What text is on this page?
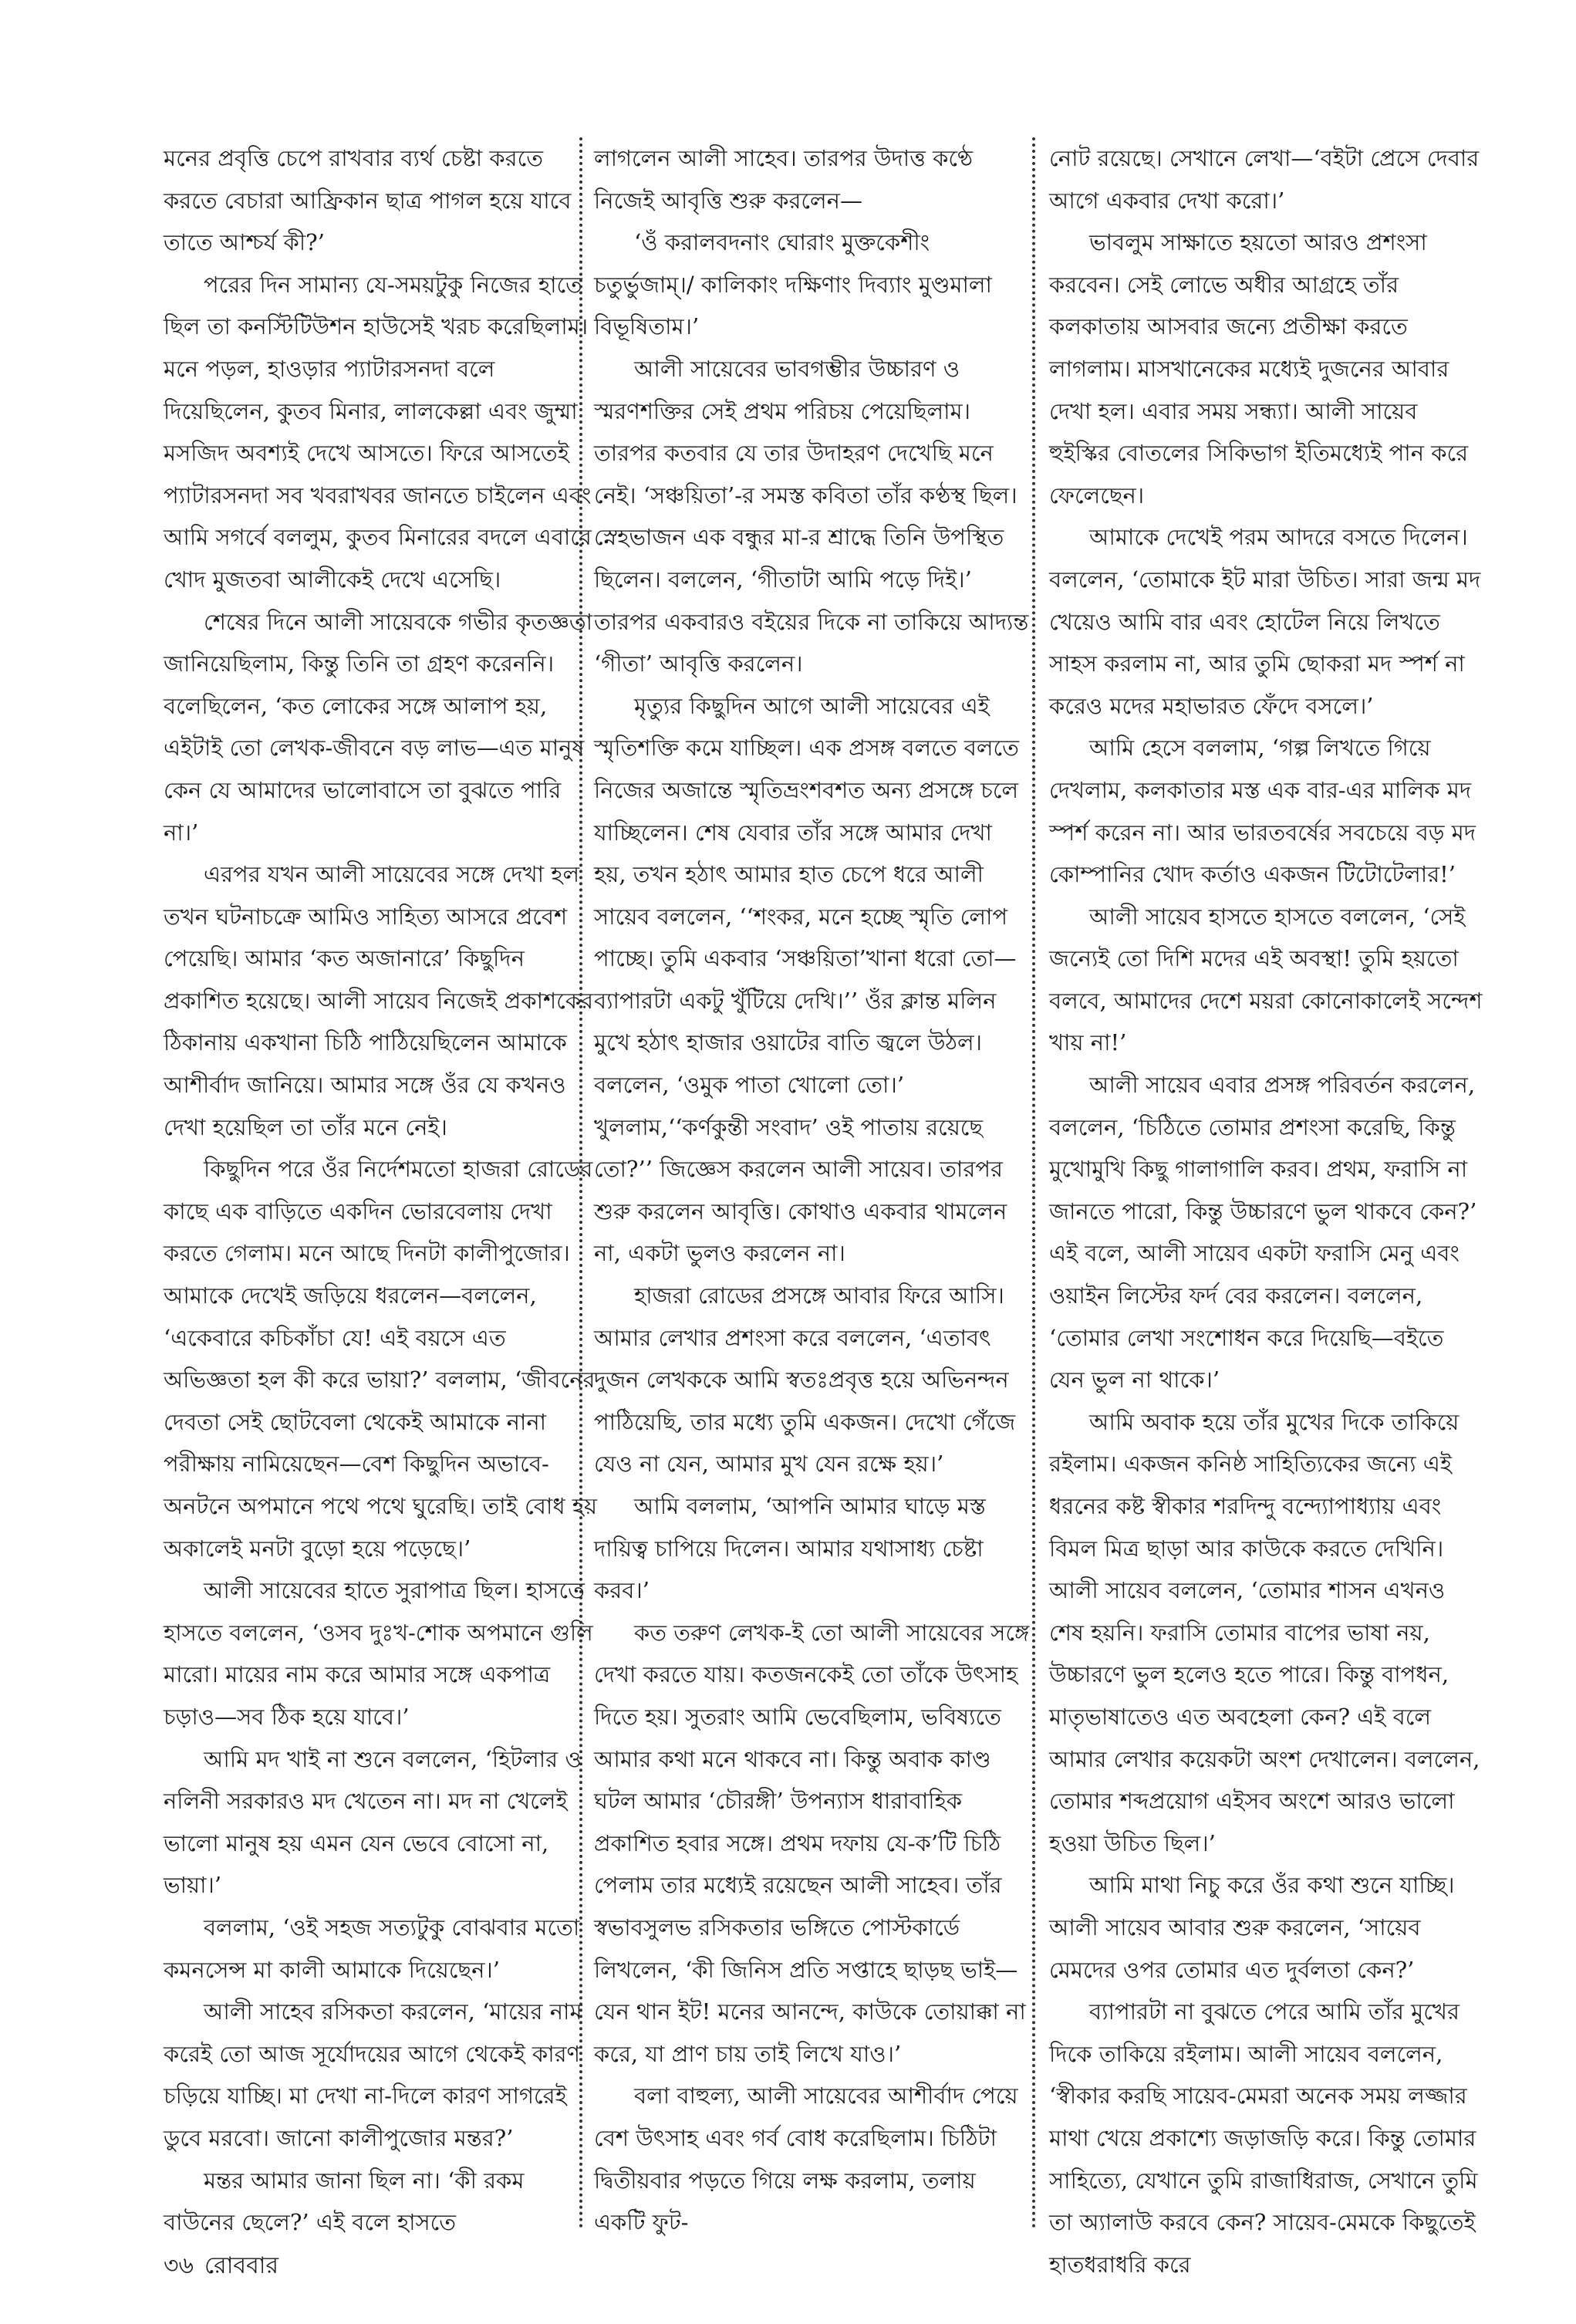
মনের প্রবৃত্তি চেপে রাখবার ব্যর্থ চেষ্টা করতে করতে বেচারা আফ্রিকান ছাত্র পাগল হয়ে যাবে তাতে আশ্চর্য কী?’

পরের দিন সামান্য যে-সময়টুকু নিজের হাতে ছিল তা কনস্টিটিউশন হাউসেই খরচ করেছিলাম। মনে পড়ল, হাওড়ার প্যাটারসনদা বলে দিয়েছিলেন, কুতব মিনার, লালকেল্লা এবং জুম্মা মসজিদ অবশ্যই দেখে আসতে। ফিরে আসতেই প্যাটারসনদা সব খবরাখবর জানতে চাইলেন এবং আমি সগর্বে বললুম, কুতব মিনারের বদলে এবারে খোদ মুজতবা আলীকেই দেখে এসেছি।

শেষের দিনে আলী সায়েবকে গভীর কৃতজ্ঞতা জানিয়েছিলাম, কিন্তু তিনি তা গ্রহণ করেননি। বলেছিলেন, ‘কত লোকের সঙ্গে আলাপ হয়, এইটাই তো লেখক-জীবনে বড় লাভ—এত মানুষ কেন যে আমাদের ভালোবাসে তা বুঝতে পারি না।’

এরপর যখন আলী সায়েবের সঙ্গে দেখা হল তখন ঘটনাচক্রে আমিও সাহিত্য আসরে প্রবেশ পেয়েছি। আমার ‘কত অজানারে’ কিছুদিন প্রকাশিত হয়েছে। আলী সায়েব নিজেই প্রকাশকের ঠিকানায় একখানা চিঠি পাঠিয়েছিলেন আমাকে আশীর্বাদ জানিয়ে। আমার সঙ্গে ওঁর যে কখনও দেখা হয়েছিল তা তাঁর মনে নেই।

কিছুদিন পরে ওঁর নির্দেশমতো হাজরা রোডের কাছে এক বাড়িতে একদিন ভোরবেলায় দেখা করতে গেলাম। মনে আছে দিনটা কালীপুজোর। আমাকে দেখেই জড়িয়ে ধরলেন—বললেন, ‘একেবারে কচিকাঁচা যে! এই বয়সে এত অভিজ্ঞতা হল কী করে ভায়া?’ বললাম, ‘জীবনের দেবতা সেই ছোটবেলা থেকেই আমাকে নানা পরীক্ষায় নামিয়েছেন—বেশ কিছুদিন অভাবে-অনটনে অপমানে পথে পথে ঘুরেছি। তাই বোধ হয় অকালেই মনটা বুড়ো হয়ে পড়েছে।’

আলী সায়েবের হাতে সুরাপাত্র ছিল। হাসতে হাসতে বললেন, ‘ওসব দুঃখ-শোক অপমানে গুলি মারো। মায়ের নাম করে আমার সঙ্গে একপাত্র চড়াও—সব ঠিক হয়ে যাবে।’

আমি মদ খাই না শুনে বললেন, ‘হিটলার ও নলিনী সরকারও মদ খেতেন না। মদ না খেলেই ভালো মানুষ হয় এমন যেন ভেবে বোসো না, ভায়া।’

বললাম, ‘ওই সহজ সত্যটুকু বোঝবার মতো কমনসেন্স মা কালী আমাকে দিয়েছেন।’

আলী সাহেব রসিকতা করলেন, ‘মায়ের নাম করেই তো আজ সূর্যোদয়ের আগে থেকেই কারণ চড়িয়ে যাচ্ছি। মা দেখা না-দিলে কারণ সাগরেই ডুবে মরবো। জানো কালীপুজোর মন্তর?’

মন্তর আমার জানা ছিল না। ‘কী রকম বাউনের ছেলে?’ এই বলে হাসতে

লাগলেন আলী সাহেব। তারপর উদাত্ত কণ্ঠে নিজেই আবৃত্তি শুরু করলেন—

‘ওঁ করালবদনাং ঘোরাং মুক্তকেশীং চতুর্ভুজাম্।/ কালিকাং দক্ষিণাং দিব্যাং মুণ্ডমালা বিভূষিতাম।’

আলী সায়েবের ভাবগম্ভীর উচ্চারণ ও স্মরণশক্তির সেই প্রথম পরিচয় পেয়েছিলাম। তারপর কতবার যে তার উদাহরণ দেখেছি মনে নেই। ‘সঞ্চয়িতা’-র সমস্ত কবিতা তাঁর কণ্ঠস্থ ছিল। স্নেহভাজন এক বন্ধুর মা-র শ্রাদ্ধে তিনি উপস্থিত ছিলেন। বললেন, ‘গীতাটা আমি পড়ে দিই।’ তারপর একবারও বইয়ের দিকে না তাকিয়ে আদ্যন্ত ‘গীতা’ আবৃত্তি করলেন।

মৃত্যুর কিছুদিন আগে আলী সায়েবের এই স্মৃতিশক্তি কমে যাচ্ছিল। এক প্রসঙ্গ বলতে বলতে নিজের অজান্তে স্মৃতিভ্রংশবশত অন্য প্রসঙ্গে চলে যাচ্ছিলেন। শেষ যেবার তাঁর সঙ্গে আমার দেখা হয়, তখন হঠাৎ আমার হাত চেপে ধরে আলী সায়েব বললেন, ‘‘শংকর, মনে হচ্ছে স্মৃতি লোপ পাচ্ছে। তুমি একবার ‘সঞ্চয়িতা’খানা ধরো তো—ব্যাপারটা একটু খুঁটিয়ে দেখি।’’ ওঁর ক্লান্ত মলিন মুখে হঠাৎ হাজার ওয়াটের বাতি জ্বলে উঠল। বললেন, ‘ওমুক পাতা খোলো তো।’ খুললাম,‘‘কর্ণকুন্তী সংবাদ’ ওই পাতায় রয়েছে তো?’’ জিজ্ঞেস করলেন আলী সায়েব। তারপর শুরু করলেন আবৃত্তি। কোথাও একবার থামলেন না, একটা ভুলও করলেন না।

হাজরা রোডের প্রসঙ্গে আবার ফিরে আসি। আমার লেখার প্রশংসা করে বললেন, ‘এতাবৎ দুজন লেখককে আমি স্বতঃপ্রবৃত্ত হয়ে অভিনন্দন পাঠিয়েছি, তার মধ্যে তুমি একজন। দেখো গেঁজে যেও না যেন, আমার মুখ যেন রক্ষে হয়।’

আমি বললাম, ‘আপনি আমার ঘাড়ে মস্ত দায়িত্ব চাপিয়ে দিলেন। আমার যথাসাধ্য চেষ্টা করব।’

কত তরুণ লেখক-ই তো আলী সায়েবের সঙ্গে দেখা করতে যায়। কতজনকেই তো তাঁকে উৎসাহ দিতে হয়। সুতরাং আমি ভেবেছিলাম, ভবিষ্যতে আমার কথা মনে থাকবে না। কিন্তু অবাক কাণ্ড ঘটল আমার ‘চৌরঙ্গী’ উপন্যাস ধারাবাহিক প্রকাশিত হবার সঙ্গে। প্রথম দফায় যে-ক’টি চিঠি পেলাম তার মধ্যেই রয়েছেন আলী সাহেব। তাঁর স্বভাবসুলভ রসিকতার ভঙ্গিতে পোস্টকার্ডে লিখলেন, ‘কী জিনিস প্রতি সপ্তাহে ছাড়ছ ভাই—যেন থান ইট! মনের আনন্দে, কাউকে তোয়াক্কা না করে, যা প্রাণ চায় তাই লিখে যাও।’

বলা বাহুল্য, আলী সায়েবের আশীর্বাদ পেয়ে বেশ উৎসাহ এবং গর্ব বোধ করেছিলাম। চিঠিটা দ্বিতীয়বার পড়তে গিয়ে লক্ষ করলাম, তলায় একটি ফুট-

নোট রয়েছে। সেখানে লেখা—‘বইটা প্রেসে দেবার আগে একবার দেখা করো।’

ভাবলুম সাক্ষাতে হয়তো আরও প্রশংসা করবেন। সেই লোভে অধীর আগ্রহে তাঁর কলকাতায় আসবার জন্যে প্রতীক্ষা করতে লাগলাম। মাসখানেকের মধ্যেই দুজনের আবার দেখা হল। এবার সময় সন্ধ্যা। আলী সায়েব হুইস্কির বোতলের সিকিভাগ ইতিমধ্যেই পান করে ফেলেছেন।

আমাকে দেখেই পরম আদরে বসতে দিলেন। বললেন, ‘তোমাকে ইট মারা উচিত। সারা জন্ম মদ খেয়েও আমি বার এবং হোটেল নিয়ে লিখতে সাহস করলাম না, আর তুমি ছোকরা মদ স্পর্শ না করেও মদের মহাভারত ফেঁদে বসলে।’

আমি হেসে বললাম, ‘গল্প লিখতে গিয়ে দেখলাম, কলকাতার মস্ত এক বার-এর মালিক মদ স্পর্শ করেন না। আর ভারতবর্ষের সবচেয়ে বড় মদ কোম্পানির খোদ কর্তাও একজন টিটোটেলার!’

আলী সায়েব হাসতে হাসতে বললেন, ‘সেই জন্যেই তো দিশি মদের এই অবস্থা! তুমি হয়তো বলবে, আমাদের দেশে ময়রা কোনোকালেই সন্দেশ খায় না!’

আলী সায়েব এবার প্রসঙ্গ পরিবর্তন করলেন, বললেন, ‘চিঠিতে তোমার প্রশংসা করেছি, কিন্তু মুখোমুখি কিছু গালাগালি করব। প্রথম, ফরাসি না জানতে পারো, কিন্তু উচ্চারণে ভুল থাকবে কেন?’ এই বলে, আলী সায়েব একটা ফরাসি মেনু এবং ওয়াইন লিস্টের ফর্দ বের করলেন। বললেন, ‘তোমার লেখা সংশোধন করে দিয়েছি—বইতে যেন ভুল না থাকে।’

আমি অবাক হয়ে তাঁর মুখের দিকে তাকিয়ে রইলাম। একজন কনিষ্ঠ সাহিত্যিকের জন্যে এই ধরনের কষ্ট স্বীকার শরদিন্দু বন্দ্যোপাধ্যায় এবং বিমল মিত্র ছাড়া আর কাউকে করতে দেখিনি। আলী সায়েব বললেন, ‘তোমার শাসন এখনও শেষ হয়নি। ফরাসি তোমার বাপের ভাষা নয়, উচ্চারণে ভুল হলেও হতে পারে। কিন্তু বাপধন, মাতৃভাষাতেও এত অবহেলা কেন? এই বলে আমার লেখার কয়েকটা অংশ দেখালেন। বললেন, তোমার শব্দপ্রয়োগ এইসব অংশে আরও ভালো হওয়া উচিত ছিল।’

আমি মাথা নিচু করে ওঁর কথা শুনে যাচ্ছি। আলী সায়েব আবার শুরু করলেন, ‘সায়েব মেমদের ওপর তোমার এত দুর্বলতা কেন?’

ব্যাপারটা না বুঝতে পেরে আমি তাঁর মুখের দিকে তাকিয়ে রইলাম। আলী সায়েব বললেন, ‘স্বীকার করছি সায়েব-মেমরা অনেক সময় লজ্জার মাথা খেয়ে প্রকাশ্যে জড়াজড়ি করে। কিন্তু তোমার সাহিত্যে, যেখানে তুমি রাজাধিরাজ, সেখানে তুমি তা অ্যালাউ করবে কেন? সায়েব-মেমকে কিছুতেই হাতধরাধরি করে

৩৬ রোববার
